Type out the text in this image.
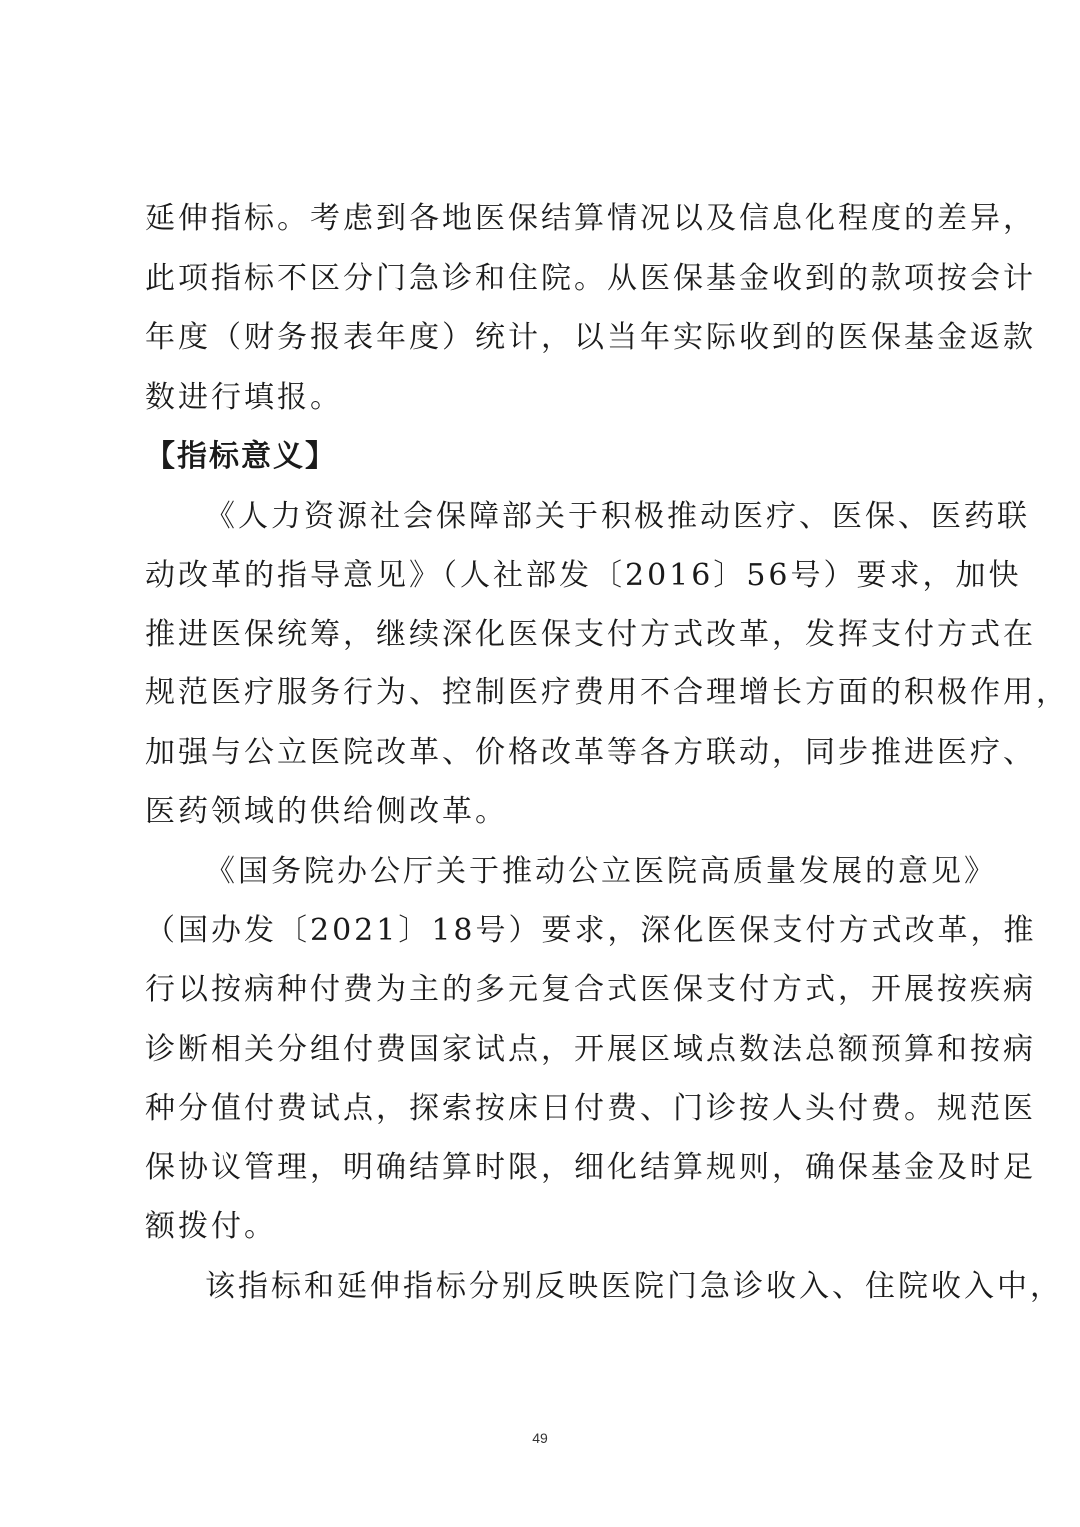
延伸指标。考虑到各地医保结算情况以及信息化程度的差异，
此项指标不区分门急诊和住院。从医保基金收到的款项按会计
年度（财务报表年度）统计，以当年实际收到的医保基金返款
数进行填报。
【指标意义】
《人力资源社会保障部关于积极推动医疗、医保、医药联
动改革的指导意见》（人社部发〔2016〕56号）要求，加快
推进医保统筹，继续深化医保支付方式改革，发挥支付方式在
规范医疗服务行为、控制医疗费用不合理增长方面的积极作用，
加强与公立医院改革、价格改革等各方联动，同步推进医疗、
医药领域的供给侧改革。
《国务院办公厅关于推动公立医院高质量发展的意见》
（国办发〔2021〕18号）要求，深化医保支付方式改革，推
行以按病种付费为主的多元复合式医保支付方式，开展按疾病
诊断相关分组付费国家试点，开展区域点数法总额预算和按病
种分值付费试点，探索按床日付费、门诊按人头付费。规范医
保协议管理，明确结算时限，细化结算规则，确保基金及时足
额拨付。
该指标和延伸指标分别反映医院门急诊收入、住院收入中，
49
